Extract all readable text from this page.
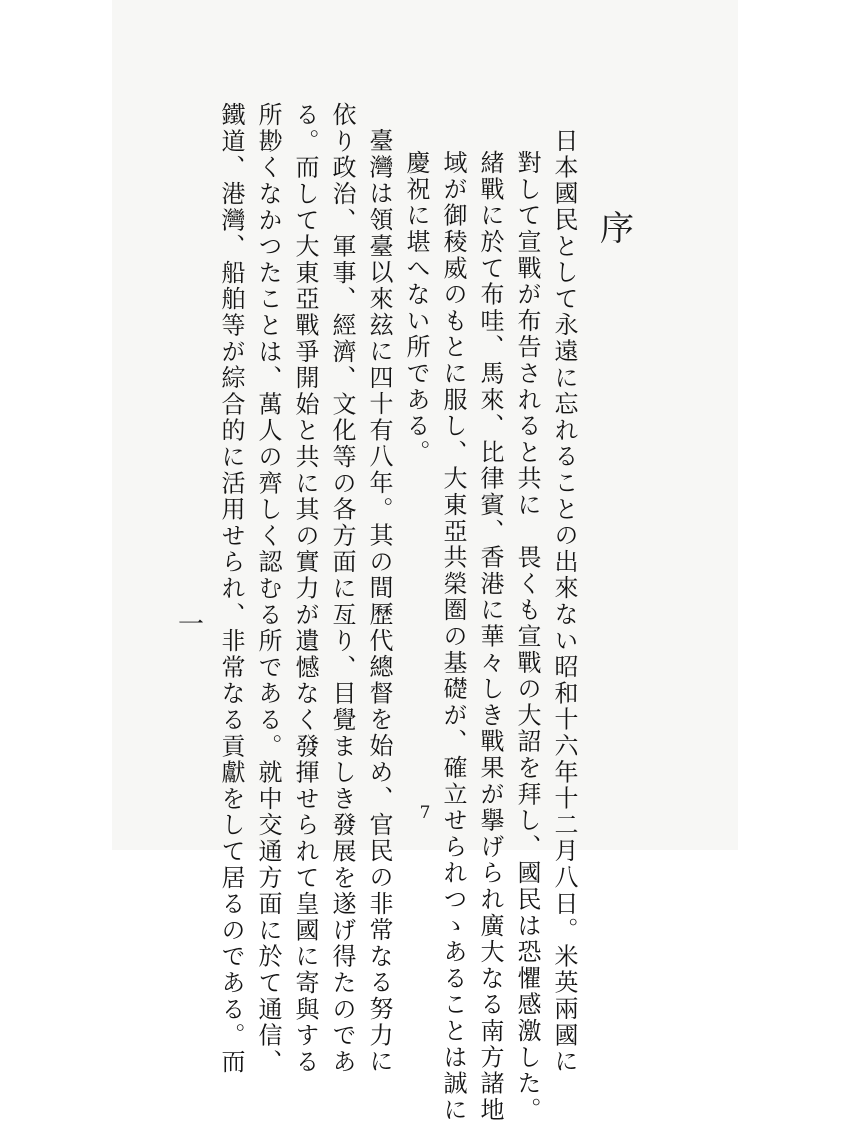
序
日本國民として永遠に忘れることの出來ない昭和十六年十二月八日。米英兩國に
對して宣戰が布告されると共に　畏くも宣戰の大詔を拜し、國民は恐懼感激した。
緒戰に於て布哇、馬來、比律賓、香港に華々しき戰果が擧げられ廣大なる南方諸地
域が御稜威のもとに服し、大東亞共榮圏の基礎が、確立せられつゝあることは誠に
慶祝に堪へない所である。
臺灣は領臺以來玆に四十有八年。其の間歷代總督を始め、官民の非常なる努力に
依り政治、軍事、經濟、文化等の各方面に亙り、目覺ましき發展を遂げ得たのであ
る。而して大東亞戰爭開始と共に其の實力が遺憾なく發揮せられて皇國に寄與する
所尠くなかつたことは、萬人の齊しく認むる所である。就中交通方面に於て通信、
鐵道、港灣、船舶等が綜合的に活用せられ、非常なる貢獻をして居るのである。而
一
7
